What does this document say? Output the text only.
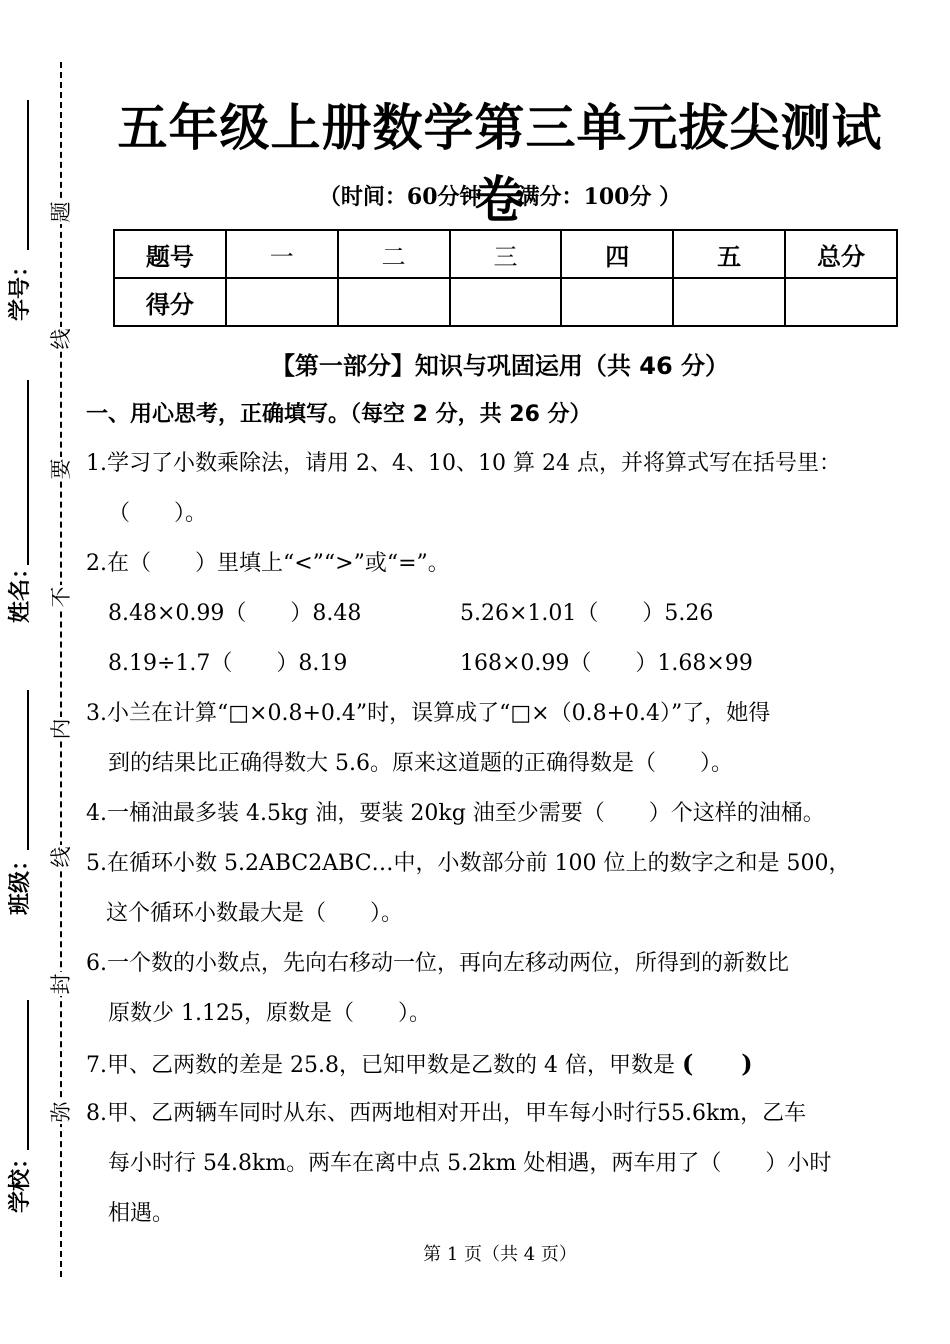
题
线
要
不
内
线
封
弥
学号：
姓名：
班级：
学校：
五年级上册数学第三单元拔尖测试卷
（时间：60分钟 满分：100分 ）
题号	一	二	三	四	五	总分
得分						
【第一部分】知识与巩固运用（共 46 分）
一、用心思考，正确填写。（每空 2 分，共 26 分）
1.学习了小数乘除法，请用 2、4、10、10 算 24 点，并将算式写在括号里：
（　　）。
2.在（　　）里填上“<”“>”或“=”。
8.48×0.99（　　）8.48	5.26×1.01（　　）5.26
8.19÷1.7（　　）8.19	168×0.99（　　）1.68×99
3.小兰在计算“□×0.8+0.4”时，误算成了“□×（0.8+0.4）”了，她得
到的结果比正确得数大 5.6。原来这道题的正确得数是（　　）。
4.一桶油最多装 4.5kg 油，要装 20kg 油至少需要（　　）个这样的油桶。
5.在循环小数 5.2ABC2ABC…中，小数部分前 100 位上的数字之和是 500，
这个循环小数最大是（　　）。
6.一个数的小数点，先向右移动一位，再向左移动两位，所得到的新数比
原数少 1.125，原数是（　　）。
7.甲、乙两数的差是 25.8，已知甲数是乙数的 4 倍，甲数是 (　　)
8.甲、乙两辆车同时从东、西两地相对开出，甲车每小时行55.6km，乙车
每小时行 54.8km。两车在离中点 5.2km 处相遇，两车用了（　　）小时
相遇。
第 1 页（共 4 页）
